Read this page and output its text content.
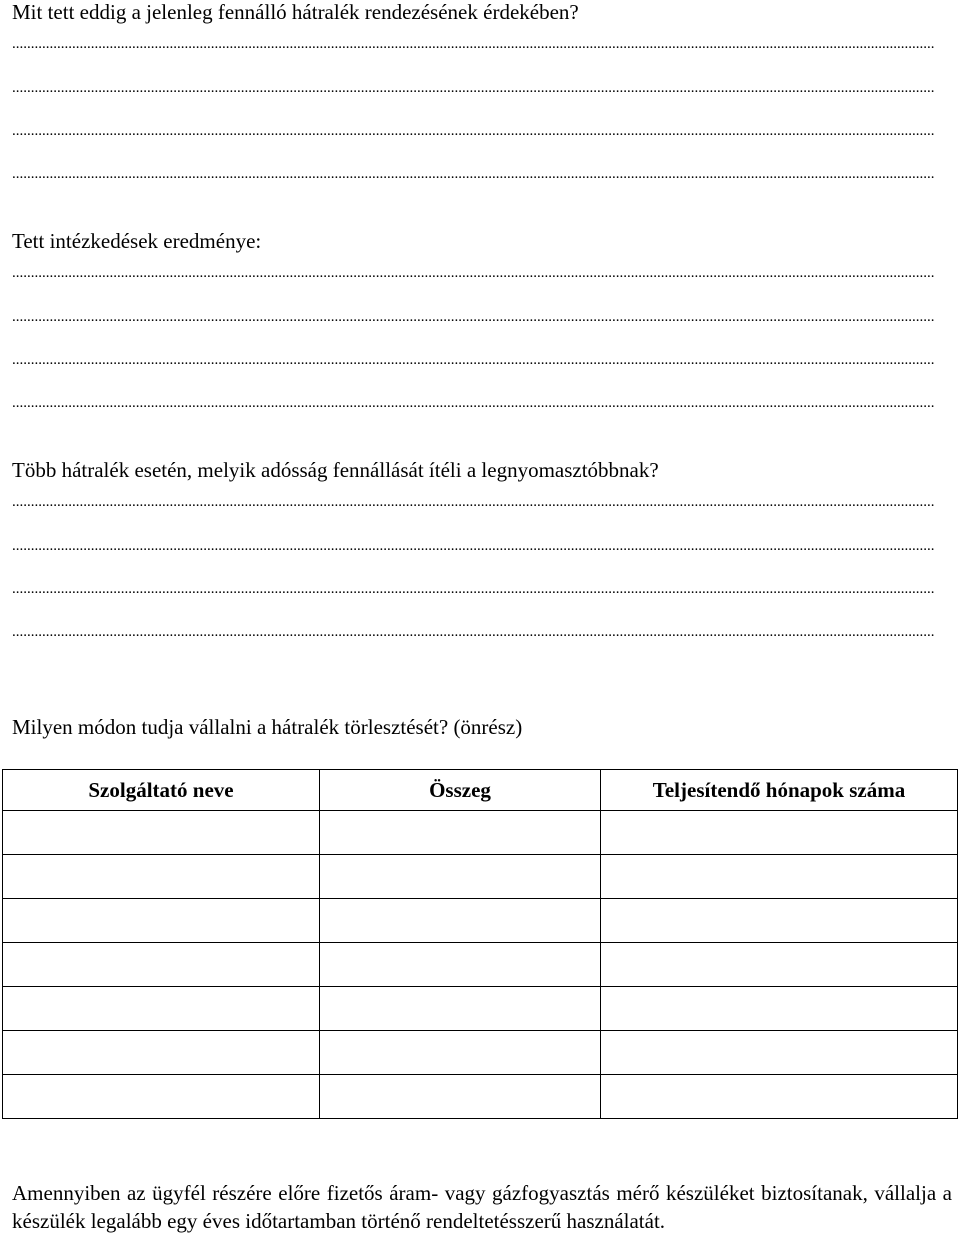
Mit tett eddig a jelenleg fennálló hátralék rendezésének érdekében?
......................................................................................................................................................................................................................................................
......................................................................................................................................................................................................................................................
......................................................................................................................................................................................................................................................
......................................................................................................................................................................................................................................................
Tett intézkedések eredménye:
......................................................................................................................................................................................................................................................
......................................................................................................................................................................................................................................................
......................................................................................................................................................................................................................................................
......................................................................................................................................................................................................................................................
Több hátralék esetén, melyik adósság fennállását ítéli a legnyomasztóbbnak?
......................................................................................................................................................................................................................................................
......................................................................................................................................................................................................................................................
......................................................................................................................................................................................................................................................
......................................................................................................................................................................................................................................................
Milyen módon tudja vállalni a hátralék törlesztését? (önrész)
Szolgáltató neve	Összeg	Teljesítendő hónapok száma

Amennyiben az ügyfél részére előre fizetős áram- vagy gázfogyasztás mérő készüléket biztosítanak, vállalja a készülék legalább egy éves időtartamban történő rendeltetésszerű használatát.
